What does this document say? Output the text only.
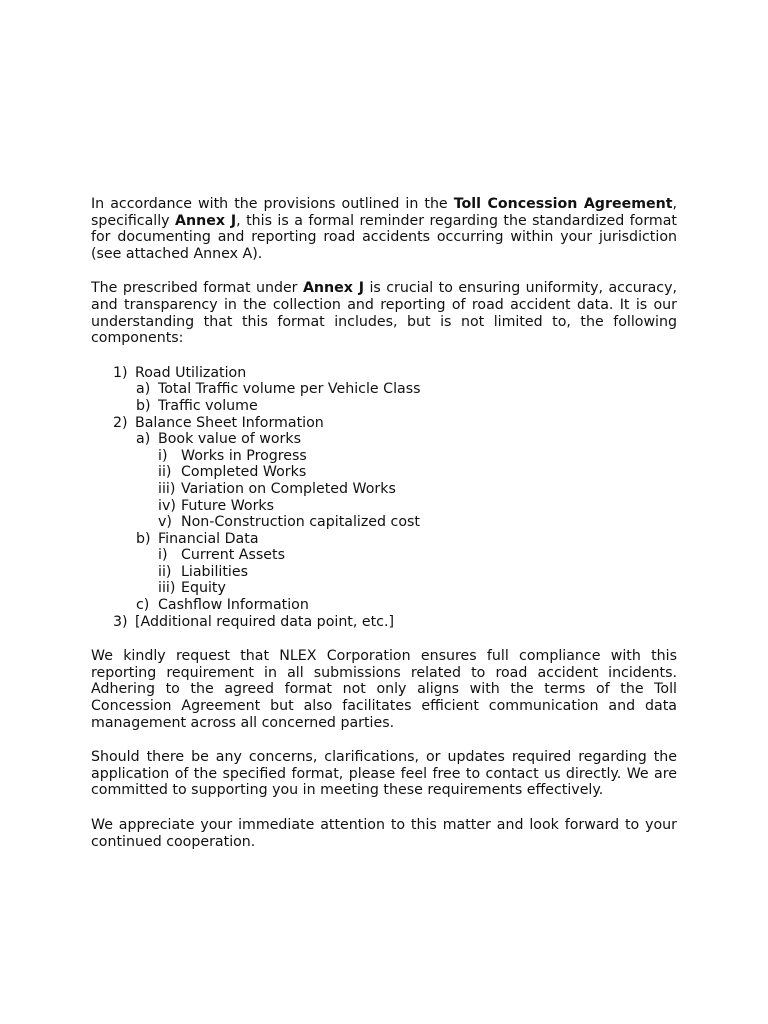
In accordance with the provisions outlined in the Toll Concession Agreement, specifically Annex J, this is a formal reminder regarding the standardized format for documenting and reporting road accidents occurring within your jurisdiction (see attached Annex A).

The prescribed format under Annex J is crucial to ensuring uniformity, accuracy, and transparency in the collection and reporting of road accident data. It is our understanding that this format includes, but is not limited to, the following components:

1) Road Utilization
a) Total Traffic volume per Vehicle Class
b) Traffic volume
2) Balance Sheet Information
a) Book value of works
i) Works in Progress
ii) Completed Works
iii) Variation on Completed Works
iv) Future Works
v) Non-Construction capitalized cost
b) Financial Data
i) Current Assets
ii) Liabilities
iii) Equity
c) Cashflow Information
3) [Additional required data point, etc.]

We kindly request that NLEX Corporation ensures full compliance with this reporting requirement in all submissions related to road accident incidents. Adhering to the agreed format not only aligns with the terms of the Toll Concession Agreement but also facilitates efficient communication and data management across all concerned parties.

Should there be any concerns, clarifications, or updates required regarding the application of the specified format, please feel free to contact us directly. We are committed to supporting you in meeting these requirements effectively.

We appreciate your immediate attention to this matter and look forward to your continued cooperation.
